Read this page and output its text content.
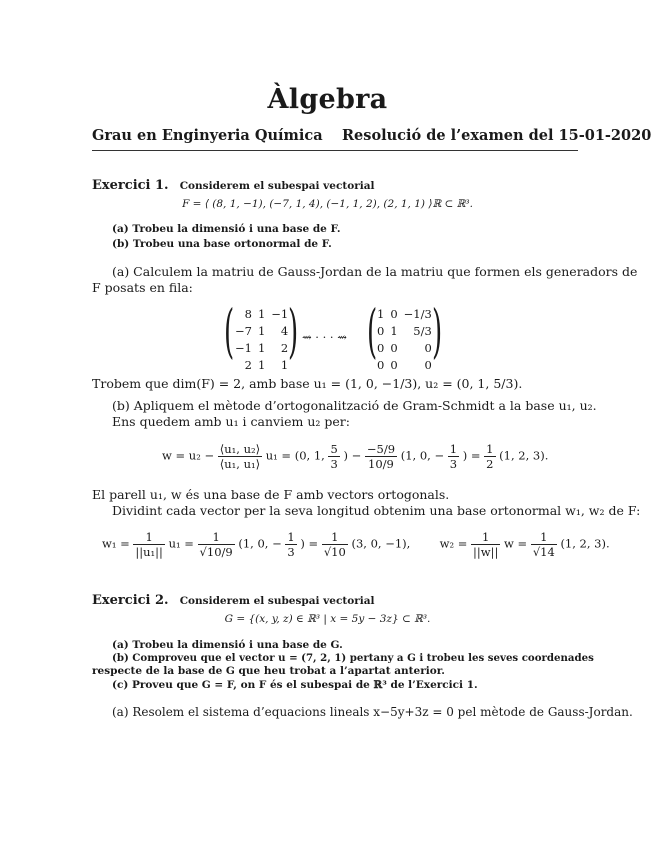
Àlgebra
Grau en Enginyeria Química Resolució de l’examen del 15-01-2020
Exercici 1. Considerem el subespai vectorial
F = ⟨ (8, 1, −1), (−7, 1, 4), (−1, 1, 2), (2, 1, 1) ⟩ℝ ⊂ ℝ³.
(a) Trobeu la dimensió i una base de F.
(b) Trobeu una base ortonormal de F.
(a) Calculem la matriu de Gauss-Jordan de la matriu que formen els generadors de
F posats en fila:
( 8	1	−1
−7	1	4
−1	1	2
2	1	1 ) ⇝ · · · ⇝ ( 1	0	−1/3
0	1	5/3
0	0	0
0	0	0 )
Trobem que dim(F) = 2, amb base u₁ = (1, 0, −1/3), u₂ = (0, 1, 5/3).
(b) Apliquem el mètode d’ortogonalització de Gram-Schmidt a la base u₁, u₂.
Ens quedem amb u₁ i canviem u₂ per:
$w = u_2 - \frac{\text{⟨u₁, u₂⟩}}{\text{⟨u₁, u₁⟩}} u_1 = (0$, 1, $\frac{5}{3}$ ) − $\frac{-5/9}{10/9} (1$, 0, − $\frac{1}{3}$ ) = $\frac{1}{2} (1$, 2, 3).
El parell u₁, w és una base de F amb vectors ortogonals.
Dividint cada vector per la seva longitud obtenim una base ortonormal w₁, w₂ de F:
$w_1 = \frac{1}{\text{||u₁||}} u_1 = \frac{1}{√10/9} (1$, 0, − $\frac{1}{3}$ ) = $\frac{1}{√10} (3$, 0, −1),	$w_2 = \frac{1}{||w||}$ $w = \frac{1}{√14} (1$, 2, 3).
Exercici 2. Considerem el subespai vectorial
G = {(x, y, z) ∈ ℝ³ | x = 5y − 3z} ⊂ ℝ³.
(a) Trobeu la dimensió i una base de G.
(b) Comproveu que el vector u = (7, 2, 1) pertany a G i trobeu les seves coordenades
respecte de la base de G que heu trobat a l’apartat anterior.
(c) Proveu que G = F, on F és el subespai de ℝ³ de l’Exercici 1.
(a) Resolem el sistema d’equacions lineals x−5y+3z = 0 pel mètode de Gauss-Jordan.
